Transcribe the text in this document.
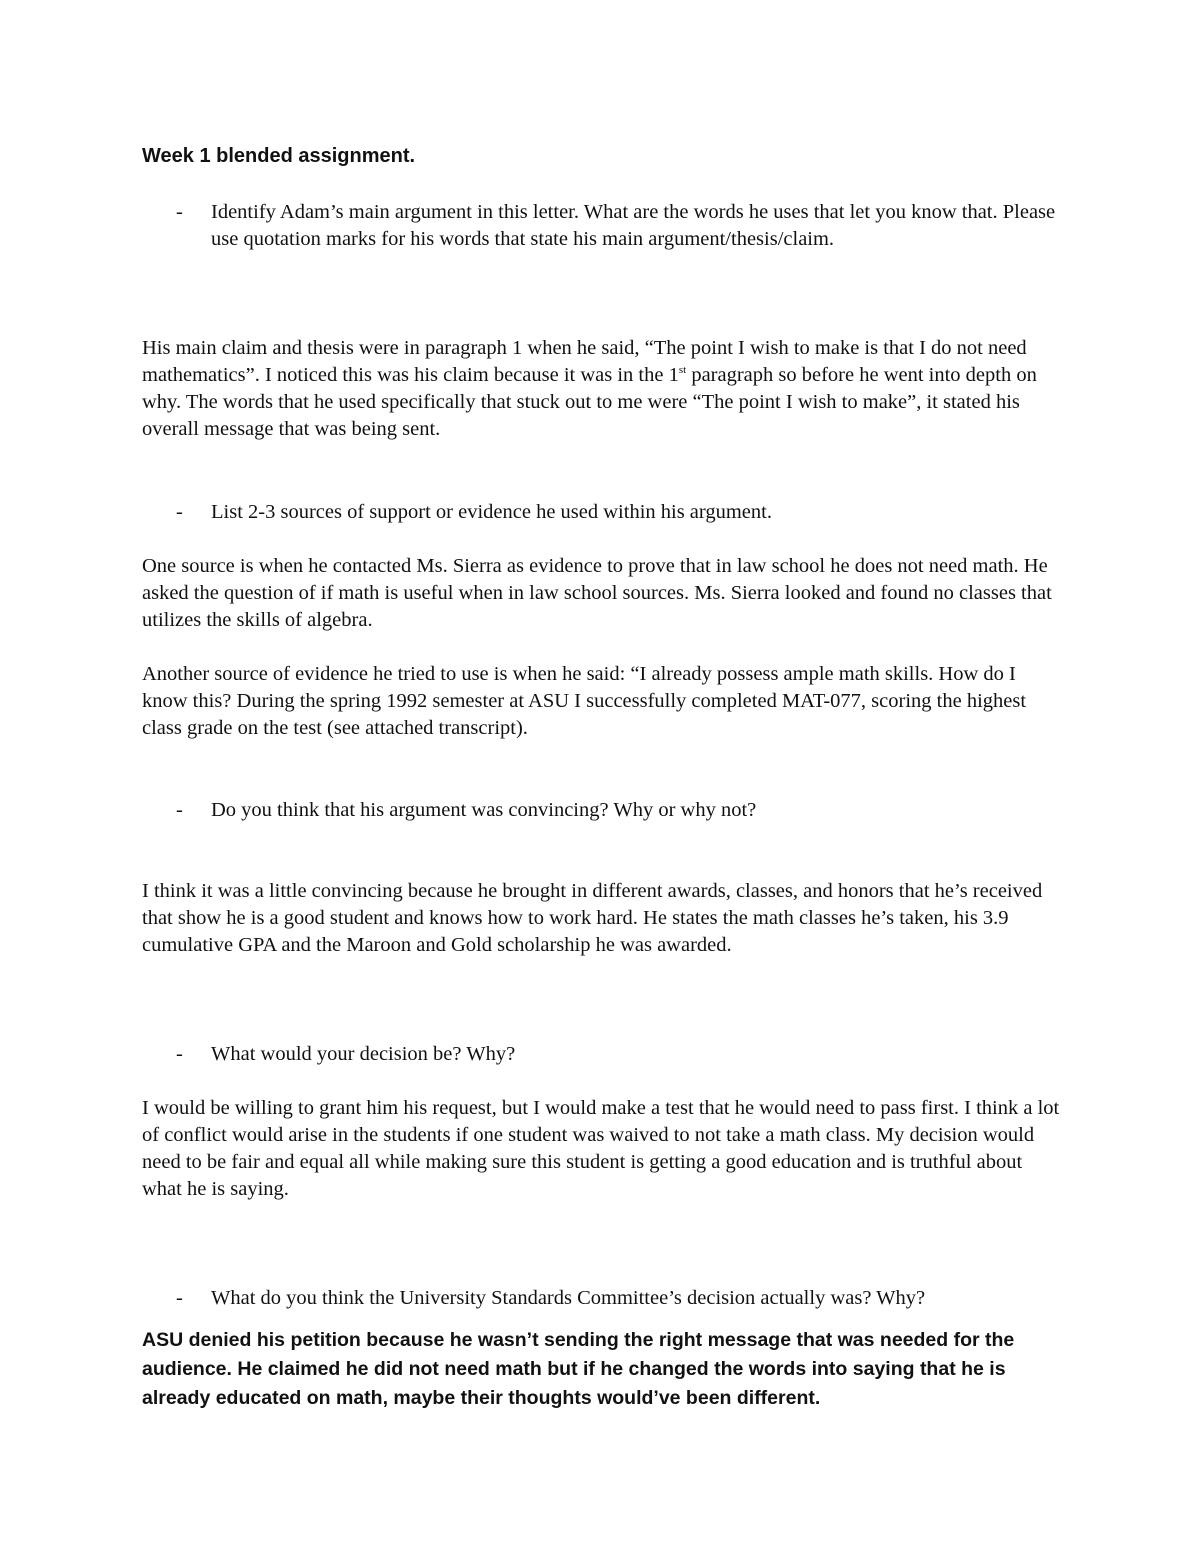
Week 1 blended assignment.
- Identify Adam’s main argument in this letter. What are the words he uses that let you know that. Please use quotation marks for his words that state his main argument/thesis/claim.

His main claim and thesis were in paragraph 1 when he said, “The point I wish to make is that I do not need mathematics”. I noticed this was his claim because it was in the 1st paragraph so before he went into depth on why. The words that he used specifically that stuck out to me were “The point I wish to make”, it stated his overall message that was being sent.

- List 2-3 sources of support or evidence he used within his argument.

One source is when he contacted Ms. Sierra as evidence to prove that in law school he does not need math. He asked the question of if math is useful when in law school sources. Ms. Sierra looked and found no classes that utilizes the skills of algebra.

Another source of evidence he tried to use is when he said: “I already possess ample math skills. How do I know this? During the spring 1992 semester at ASU I successfully completed MAT-077, scoring the highest class grade on the test (see attached transcript).

- Do you think that his argument was convincing? Why or why not?

I think it was a little convincing because he brought in different awards, classes, and honors that he’s received that show he is a good student and knows how to work hard. He states the math classes he’s taken, his 3.9 cumulative GPA and the Maroon and Gold scholarship he was awarded.

- What would your decision be? Why?

I would be willing to grant him his request, but I would make a test that he would need to pass first. I think a lot of conflict would arise in the students if one student was waived to not take a math class. My decision would need to be fair and equal all while making sure this student is getting a good education and is truthful about what he is saying.

- What do you think the University Standards Committee’s decision actually was? Why?

ASU denied his petition because he wasn’t sending the right message that was needed for the audience. He claimed he did not need math but if he changed the words into saying that he is already educated on math, maybe their thoughts would’ve been different.
